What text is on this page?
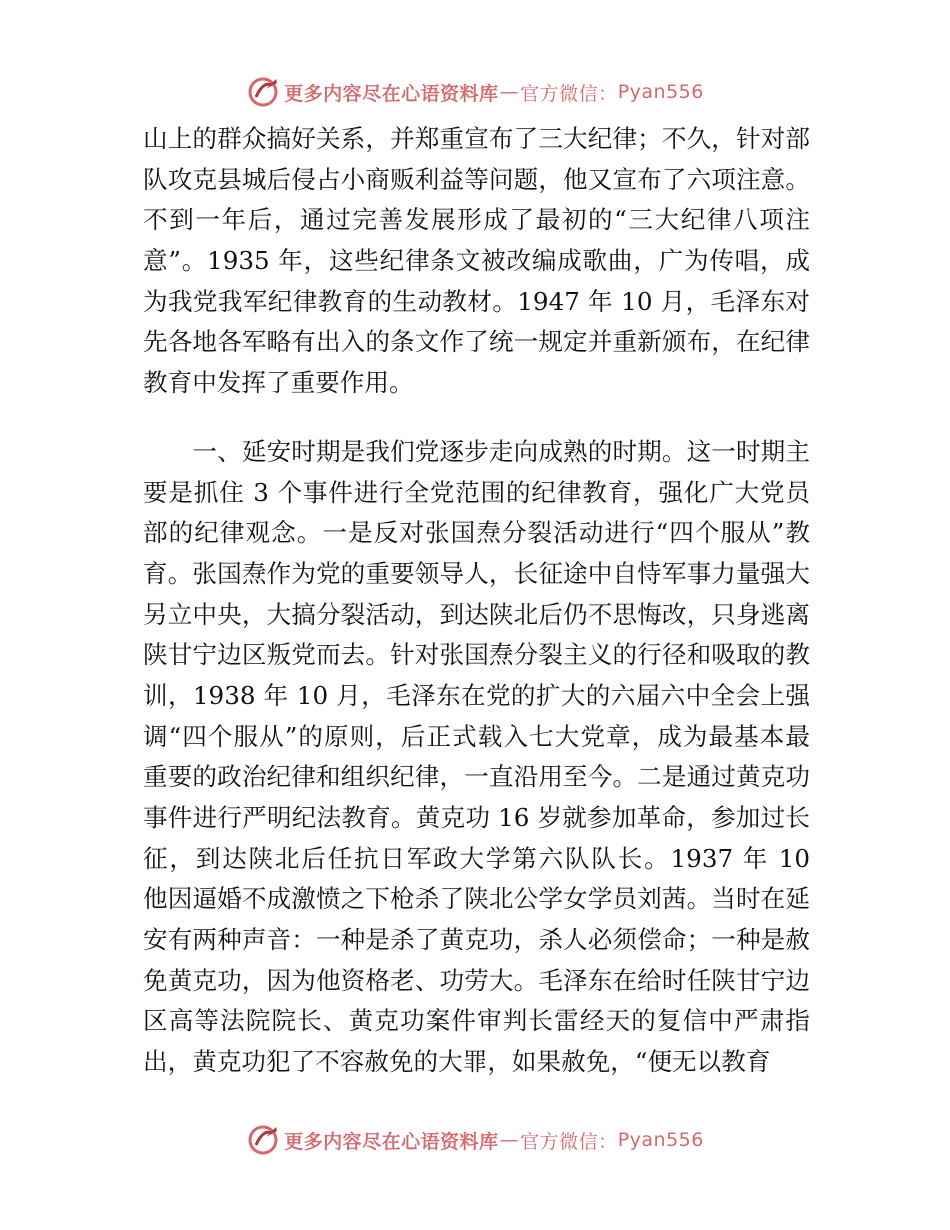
更多内容尽在心语资料库 — 官方微信： Pyan556
山上的群众搞好关系，并郑重宣布了三大纪律；不久，针对部
队攻克县城后侵占小商贩利益等问题，他又宣布了六项注意。
不到一年后，通过完善发展形成了最初的“三大纪律八项注
意”。1935 年，这些纪律条文被改编成歌曲，广为传唱，成
为我党我军纪律教育的生动教材。1947 年 10 月，毛泽东对
先各地各军略有出入的条文作了统一规定并重新颁布，在纪律
教育中发挥了重要作用。
　　一、延安时期是我们党逐步走向成熟的时期。这一时期主
要是抓住 3 个事件进行全党范围的纪律教育，强化广大党员
部的纪律观念。一是反对张国焘分裂活动进行“四个服从”教
育。张国焘作为党的重要领导人，长征途中自恃军事力量强大
另立中央，大搞分裂活动，到达陕北后仍不思悔改，只身逃离
陕甘宁边区叛党而去。针对张国焘分裂主义的行径和吸取的教
训，1938 年 10 月，毛泽东在党的扩大的六届六中全会上强
调“四个服从”的原则，后正式载入七大党章，成为最基本最
重要的政治纪律和组织纪律，一直沿用至今。二是通过黄克功
事件进行严明纪法教育。黄克功 16 岁就参加革命，参加过长
征，到达陕北后任抗日军政大学第六队队长。1937 年 10
他因逼婚不成激愤之下枪杀了陕北公学女学员刘茜。当时在延
安有两种声音：一种是杀了黄克功，杀人必须偿命；一种是赦
免黄克功，因为他资格老、功劳大。毛泽东在给时任陕甘宁边
区高等法院院长、黄克功案件审判长雷经天的复信中严肃指
出，黄克功犯了不容赦免的大罪，如果赦免，“便无以教育
更多内容尽在心语资料库 — 官方微信： Pyan556
